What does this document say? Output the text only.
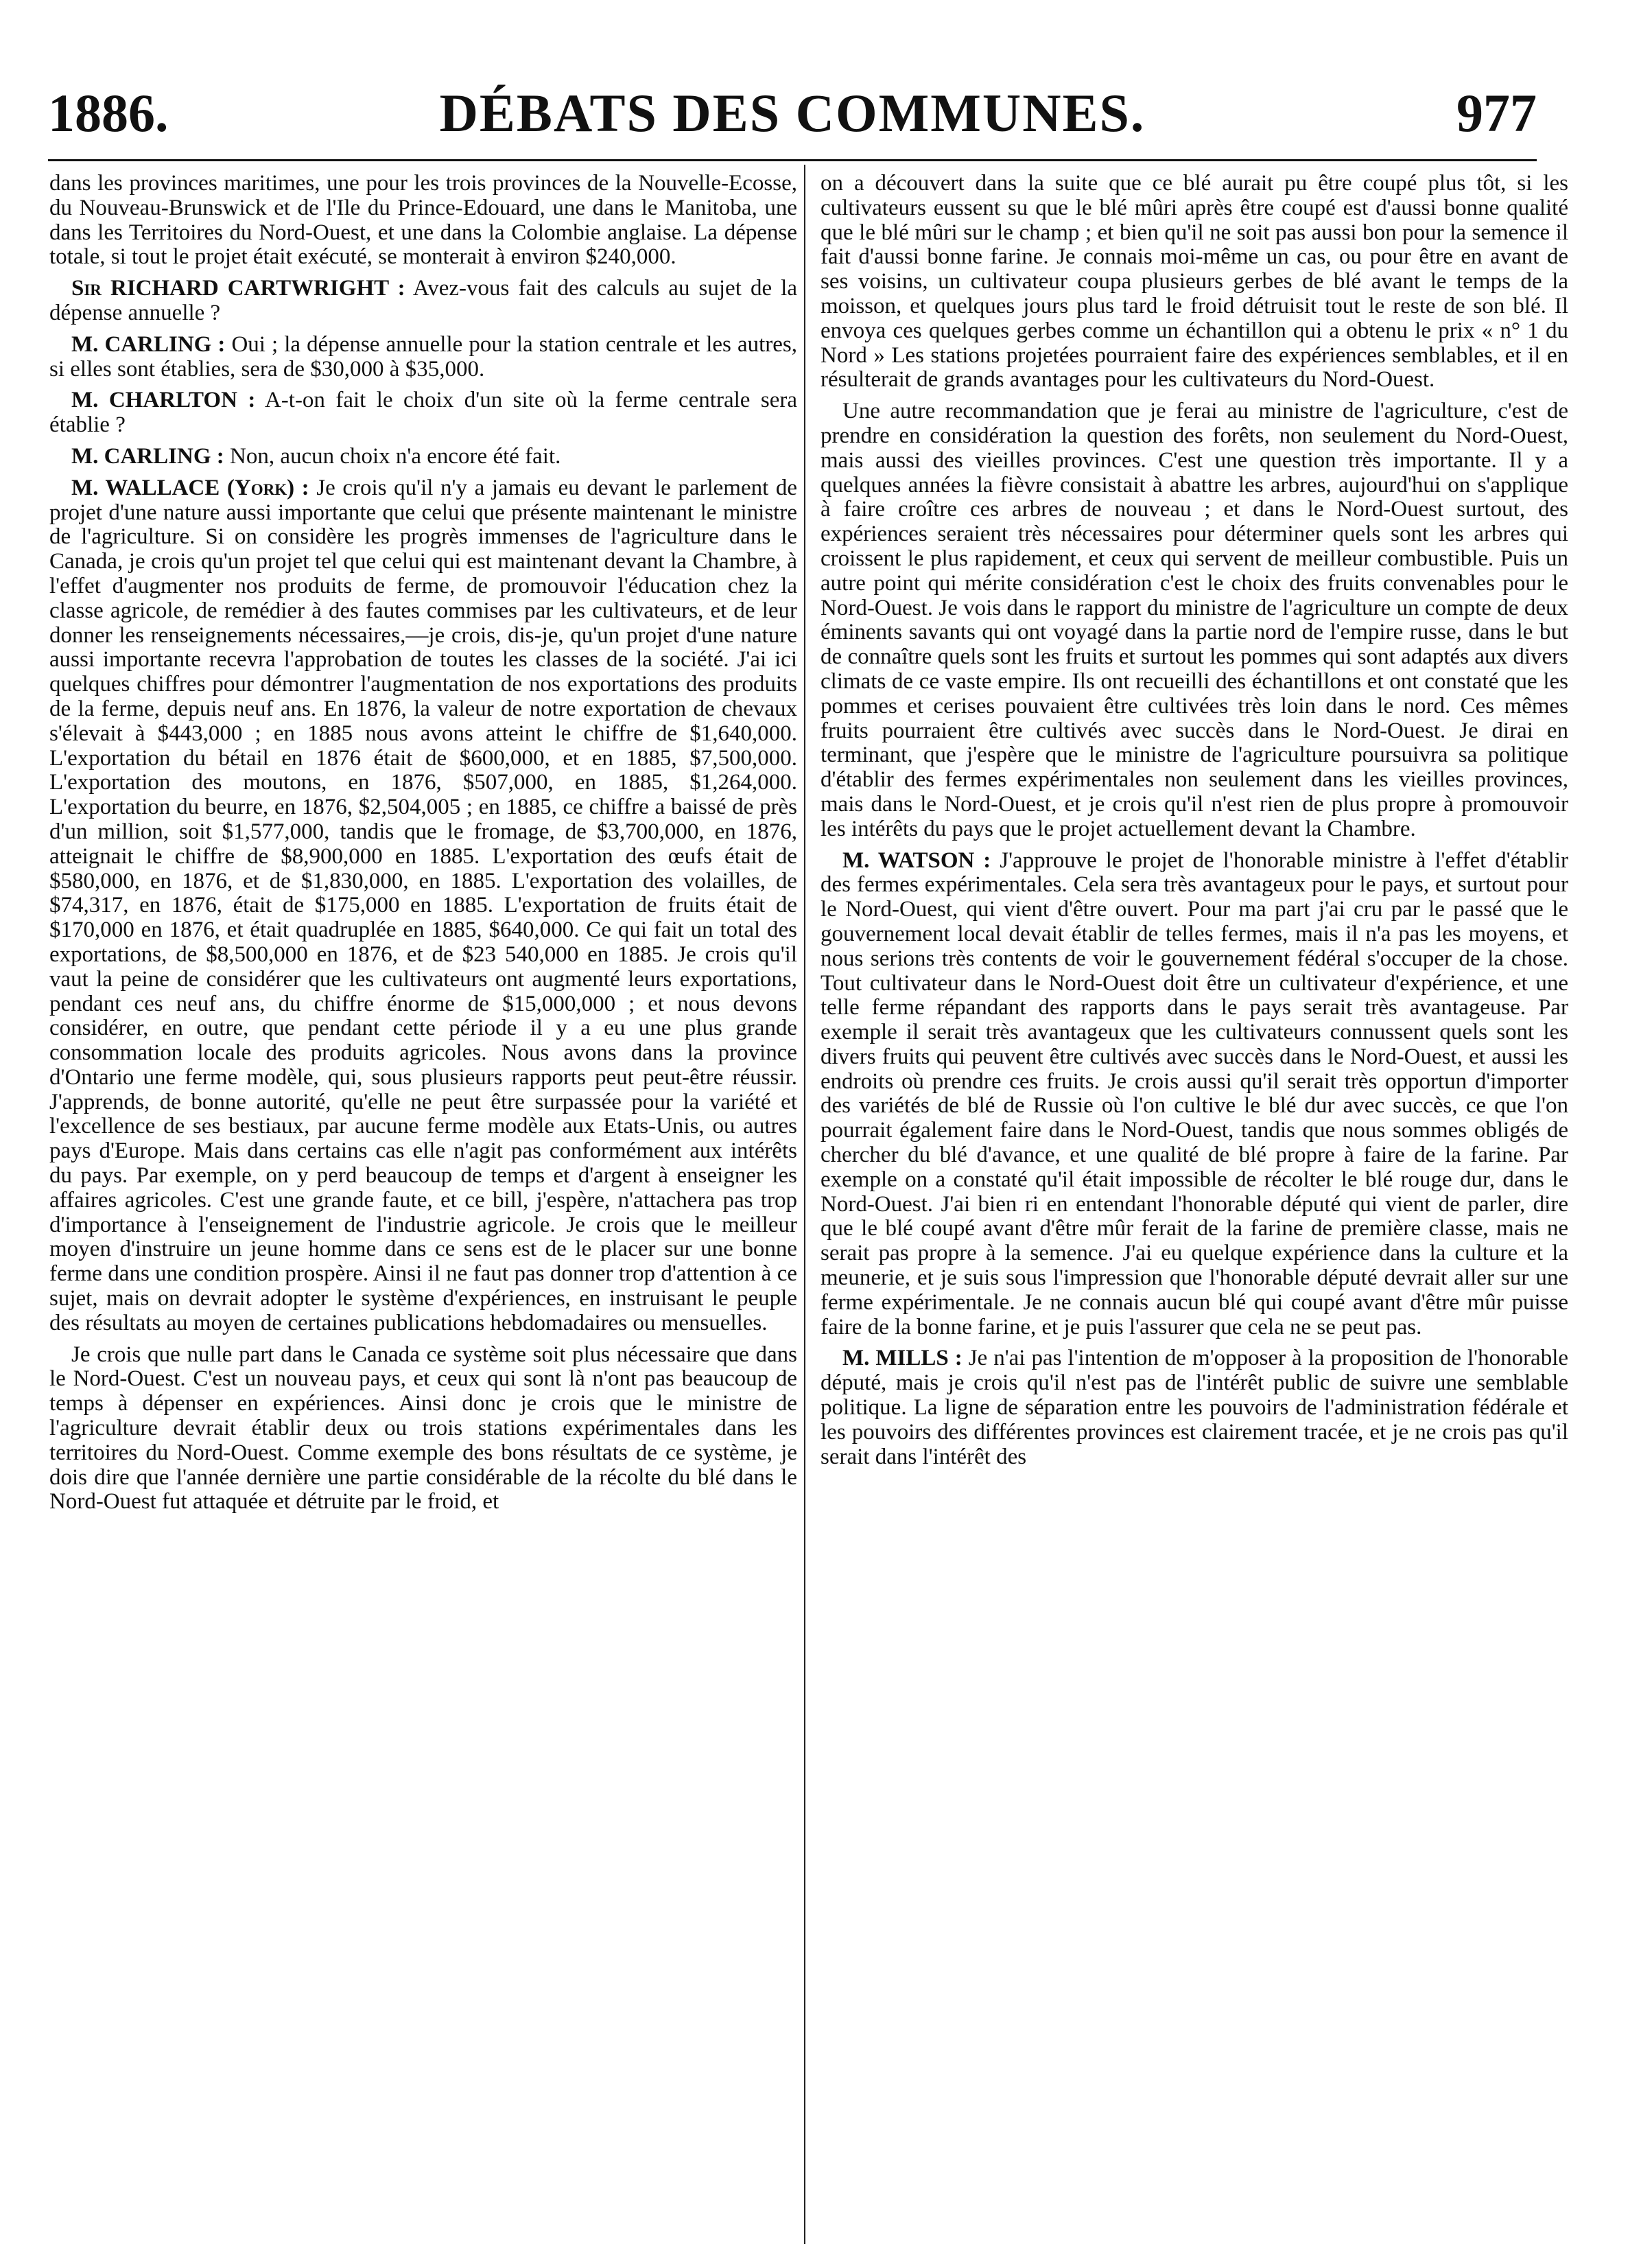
DÉBATS DES COMMUNES.
1886.	977

dans les provinces maritimes, une pour les trois provinces de la Nouvelle-Ecosse, du Nouveau-Brunswick et de l'Ile du Prince-Edouard, une dans le Manitoba, une dans les Territoires du Nord-Ouest, et une dans la Colombie anglaise. La dépense totale, si tout le projet était exécuté, se monterait à environ $240,000.

Sir RICHARD CARTWRIGHT : Avez-vous fait des calculs au sujet de la dépense annuelle ?

M. CARLING : Oui ; la dépense annuelle pour la station centrale et les autres, si elles sont établies, sera de $30,000 à $35,000.

M. CHARLTON : A-t-on fait le choix d'un site où la ferme centrale sera établie ?

M. CARLING : Non, aucun choix n'a encore été fait.

M. WALLACE (York) : Je crois qu'il n'y a jamais eu devant le parlement de projet d'une nature aussi importante que celui que présente maintenant le ministre de l'agriculture. Si on considère les progrès immenses de l'agriculture dans le Canada, je crois qu'un projet tel que celui qui est maintenant devant la Chambre, à l'effet d'augmenter nos produits de ferme, de promouvoir l'éducation chez la classe agricole, de remédier à des fautes commises par les cultivateurs, et de leur donner les renseignements nécessaires,—je crois, dis-je, qu'un projet d'une nature aussi importante recevra l'approbation de toutes les classes de la société. J'ai ici quelques chiffres pour démontrer l'augmentation de nos exportations des produits de la ferme, depuis neuf ans. En 1876, la valeur de notre exportation de chevaux s'élevait à $443,000 ; en 1885 nous avons atteint le chiffre de $1,640,000. L'exportation du bétail en 1876 était de $600,000, et en 1885, $7,500,000. L'exportation des moutons, en 1876, $507,000, en 1885, $1,264,000. L'exportation du beurre, en 1876, $2,504,005 ; en 1885, ce chiffre a baissé de près d'un million, soit $1,577,000, tandis que le fromage, de $3,700,000, en 1876, atteignait le chiffre de $8,900,000 en 1885. L'exportation des œufs était de $580,000, en 1876, et de $1,830,000, en 1885. L'exportation des volailles, de $74,317, en 1876, était de $175,000 en 1885. L'exportation de fruits était de $170,000 en 1876, et était quadruplée en 1885, $640,000. Ce qui fait un total des exportations, de $8,500,000 en 1876, et de $23 540,000 en 1885. Je crois qu'il vaut la peine de considérer que les cultivateurs ont augmenté leurs exportations, pendant ces neuf ans, du chiffre énorme de $15,000,000 ; et nous devons considérer, en outre, que pendant cette période il y a eu une plus grande consommation locale des produits agricoles. Nous avons dans la province d'Ontario une ferme modèle, qui, sous plusieurs rapports peut peut-être réussir. J'apprends, de bonne autorité, qu'elle ne peut être surpassée pour la variété et l'excellence de ses bestiaux, par aucune ferme modèle aux Etats-Unis, ou autres pays d'Europe. Mais dans certains cas elle n'agit pas conformément aux intérêts du pays. Par exemple, on y perd beaucoup de temps et d'argent à enseigner les affaires agricoles. C'est une grande faute, et ce bill, j'espère, n'attachera pas trop d'importance à l'enseignement de l'industrie agricole. Je crois que le meilleur moyen d'instruire un jeune homme dans ce sens est de le placer sur une bonne ferme dans une condition prospère. Ainsi il ne faut pas donner trop d'attention à ce sujet, mais on devrait adopter le système d'expériences, en instruisant le peuple des résultats au moyen de certaines publications hebdomadaires ou mensuelles.

Je crois que nulle part dans le Canada ce système soit plus nécessaire que dans le Nord-Ouest. C'est un nouveau pays, et ceux qui sont là n'ont pas beaucoup de temps à dépenser en expériences. Ainsi donc je crois que le ministre de l'agriculture devrait établir deux ou trois stations expérimentales dans les territoires du Nord-Ouest. Comme exemple des bons résultats de ce système, je dois dire que l'année dernière une partie considérable de la récolte du blé dans le Nord-Ouest fut attaquée et détruite par le froid, et

on a découvert dans la suite que ce blé aurait pu être coupé plus tôt, si les cultivateurs eussent su que le blé mûri après être coupé est d'aussi bonne qualité que le blé mûri sur le champ ; et bien qu'il ne soit pas aussi bon pour la semence il fait d'aussi bonne farine. Je connais moi-même un cas, ou pour être en avant de ses voisins, un cultivateur coupa plusieurs gerbes de blé avant le temps de la moisson, et quelques jours plus tard le froid détruisit tout le reste de son blé. Il envoya ces quelques gerbes comme un échantillon qui a obtenu le prix « n° 1 du Nord » Les stations projetées pourraient faire des expériences semblables, et il en résulterait de grands avantages pour les cultivateurs du Nord-Ouest.

Une autre recommandation que je ferai au ministre de l'agriculture, c'est de prendre en considération la question des forêts, non seulement du Nord-Ouest, mais aussi des vieilles provinces. C'est une question très importante. Il y a quelques années la fièvre consistait à abattre les arbres, aujourd'hui on s'applique à faire croître ces arbres de nouveau ; et dans le Nord-Ouest surtout, des expériences seraient très nécessaires pour déterminer quels sont les arbres qui croissent le plus rapidement, et ceux qui servent de meilleur combustible. Puis un autre point qui mérite considération c'est le choix des fruits convenables pour le Nord-Ouest. Je vois dans le rapport du ministre de l'agriculture un compte de deux éminents savants qui ont voyagé dans la partie nord de l'empire russe, dans le but de connaître quels sont les fruits et surtout les pommes qui sont adaptés aux divers climats de ce vaste empire. Ils ont recueilli des échantillons et ont constaté que les pommes et cerises pouvaient être cultivées très loin dans le nord. Ces mêmes fruits pourraient être cultivés avec succès dans le Nord-Ouest. Je dirai en terminant, que j'espère que le ministre de l'agriculture poursuivra sa politique d'établir des fermes expérimentales non seulement dans les vieilles provinces, mais dans le Nord-Ouest, et je crois qu'il n'est rien de plus propre à promouvoir les intérêts du pays que le projet actuellement devant la Chambre.

M. WATSON : J'approuve le projet de l'honorable ministre à l'effet d'établir des fermes expérimentales. Cela sera très avantageux pour le pays, et surtout pour le Nord-Ouest, qui vient d'être ouvert. Pour ma part j'ai cru par le passé que le gouvernement local devait établir de telles fermes, mais il n'a pas les moyens, et nous serions très contents de voir le gouvernement fédéral s'occuper de la chose. Tout cultivateur dans le Nord-Ouest doit être un cultivateur d'expérience, et une telle ferme répandant des rapports dans le pays serait très avantageuse. Par exemple il serait très avantageux que les cultivateurs connussent quels sont les divers fruits qui peuvent être cultivés avec succès dans le Nord-Ouest, et aussi les endroits où prendre ces fruits. Je crois aussi qu'il serait très opportun d'importer des variétés de blé de Russie où l'on cultive le blé dur avec succès, ce que l'on pourrait également faire dans le Nord-Ouest, tandis que nous sommes obligés de chercher du blé d'avance, et une qualité de blé propre à faire de la farine. Par exemple on a constaté qu'il était impossible de récolter le blé rouge dur, dans le Nord-Ouest. J'ai bien ri en entendant l'honorable député qui vient de parler, dire que le blé coupé avant d'être mûr ferait de la farine de première classe, mais ne serait pas propre à la semence. J'ai eu quelque expérience dans la culture et la meunerie, et je suis sous l'impression que l'honorable député devrait aller sur une ferme expérimentale. Je ne connais aucun blé qui coupé avant d'être mûr puisse faire de la bonne farine, et je puis l'assurer que cela ne se peut pas.

M. MILLS : Je n'ai pas l'intention de m'opposer à la proposition de l'honorable député, mais je crois qu'il n'est pas de l'intérêt public de suivre une semblable politique. La ligne de séparation entre les pouvoirs de l'administration fédérale et les pouvoirs des différentes provinces est clairement tracée, et je ne crois pas qu'il serait dans l'intérêt des
